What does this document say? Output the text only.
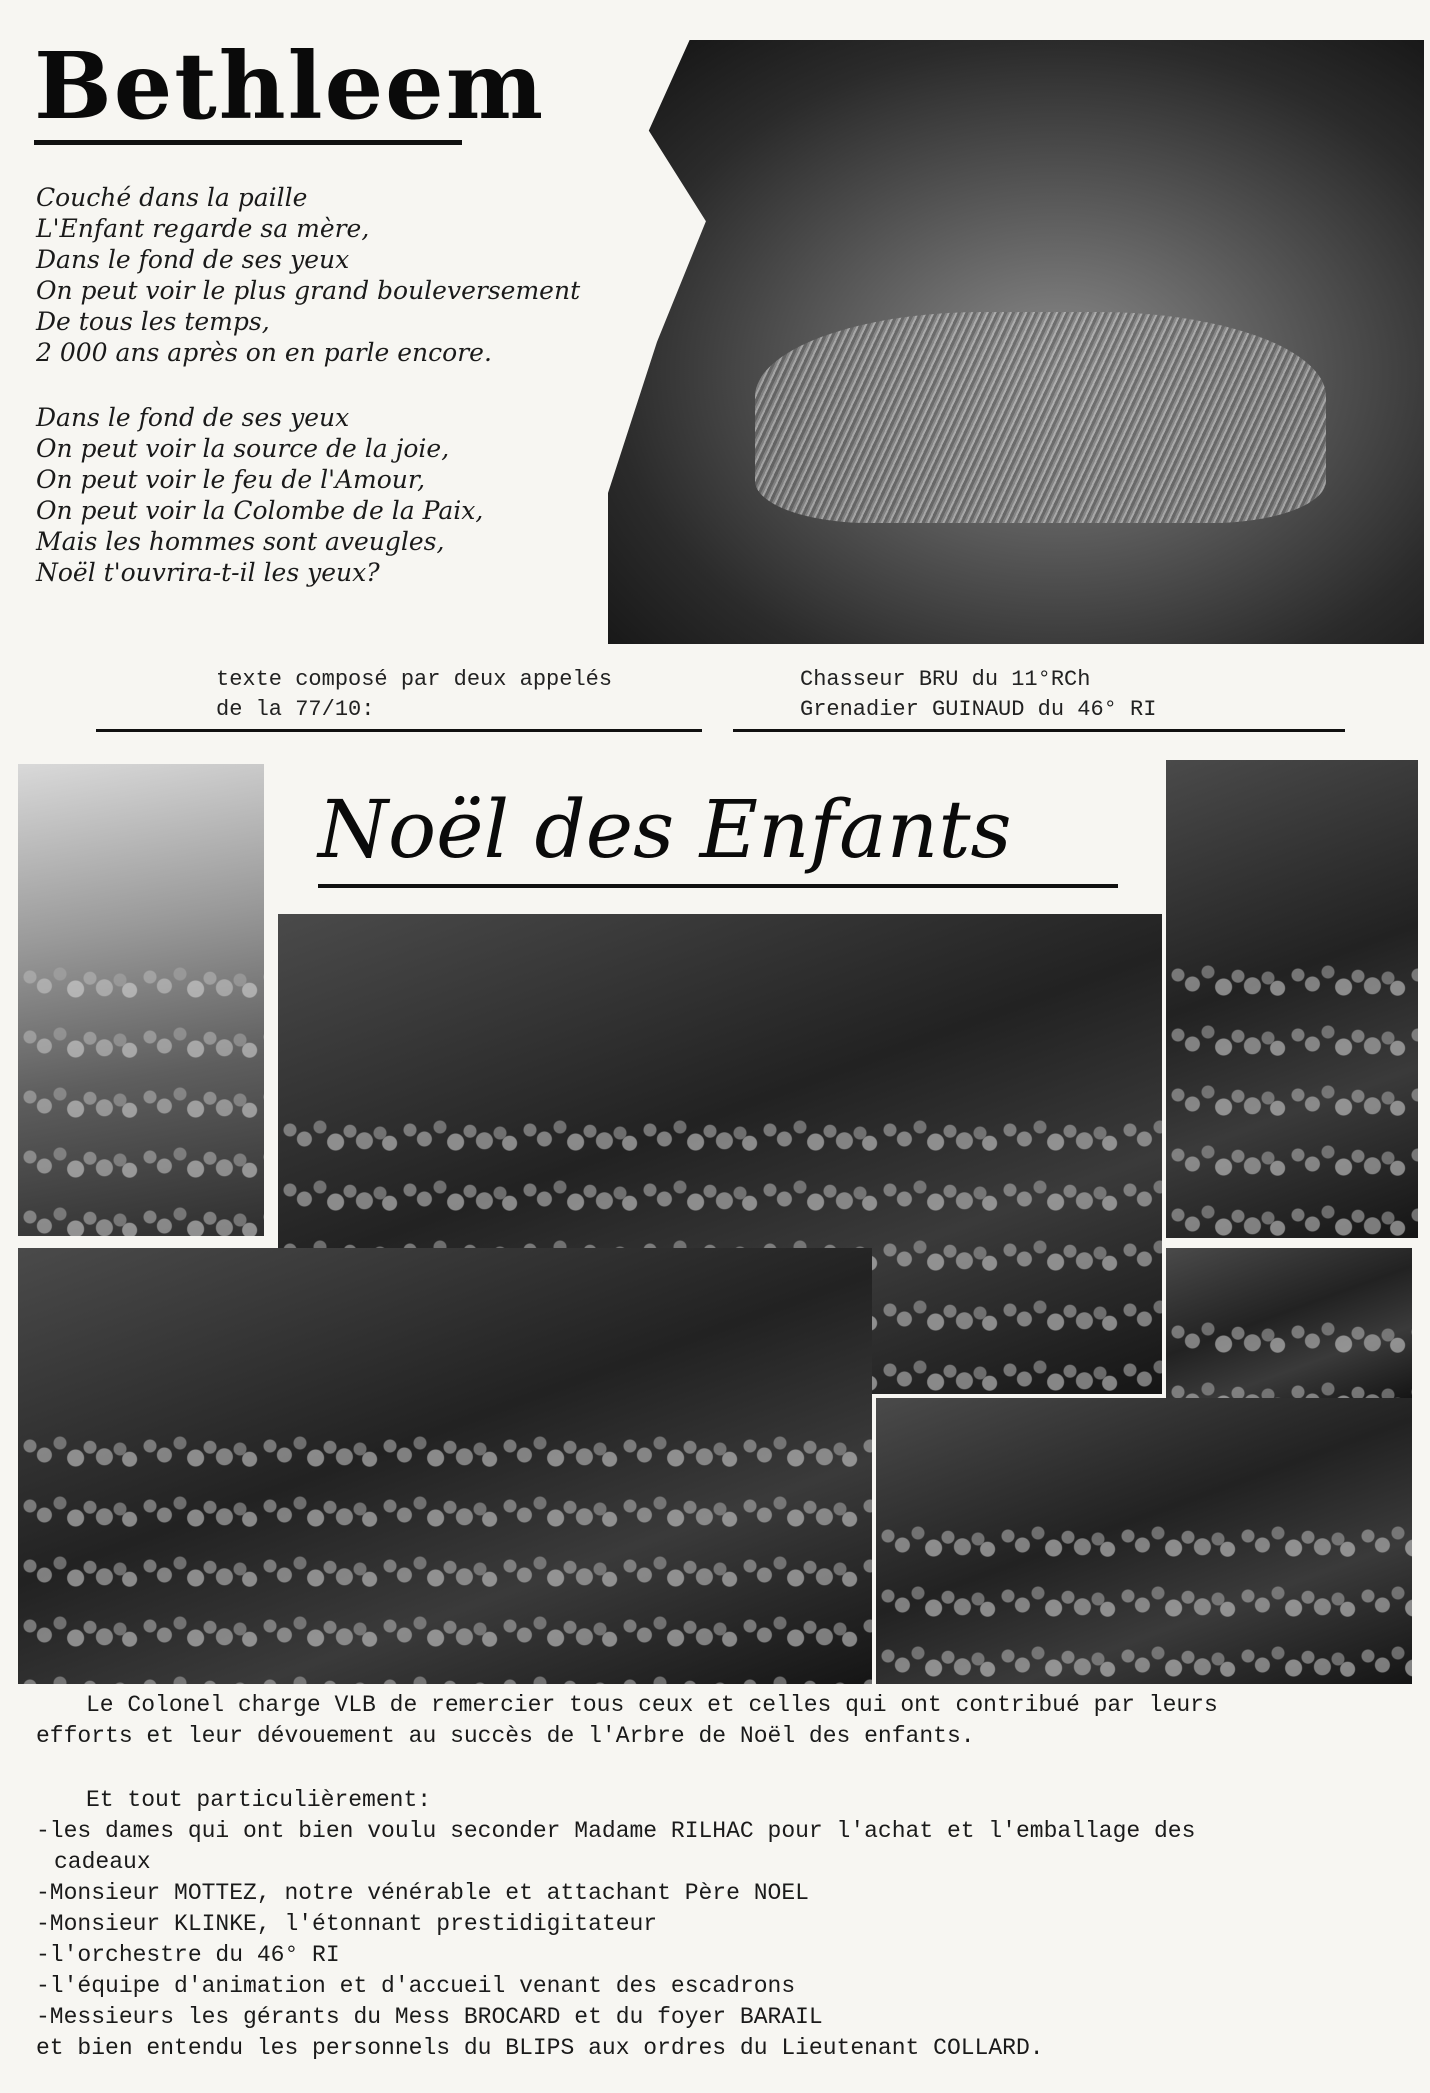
Bethleem
Couché dans la paille
L'Enfant regarde sa mère,
Dans le fond de ses yeux
On peut voir le plus grand bouleversement
De tous les temps,
2 000 ans après on en parle encore.
Dans le fond de ses yeux
On peut voir la source de la joie,
On peut voir le feu de l'Amour,
On peut voir la Colombe de la Paix,
Mais les hommes sont aveugles,
Noël t'ouvrira-t-il les yeux?
texte composé par deux appelés
de la 77/10:
Chasseur BRU du 11°RCh
Grenadier GUINAUD du 46° RI
Noël des Enfants
Le Colonel charge VLB de remercier tous ceux et celles qui ont contribué par leurs
efforts et leur dévouement au succès de l'Arbre de Noël des enfants.
Et tout particulièrement:
-les dames qui ont bien voulu seconder Madame RILHAC pour l'achat et l'emballage des
cadeaux
-Monsieur MOTTEZ, notre vénérable et attachant Père NOEL
-Monsieur KLINKE, l'étonnant prestidigitateur
-l'orchestre du 46° RI
-l'équipe d'animation et d'accueil venant des escadrons
-Messieurs les gérants du Mess BROCARD et du foyer BARAIL
et bien entendu les personnels du BLIPS aux ordres du Lieutenant COLLARD.
